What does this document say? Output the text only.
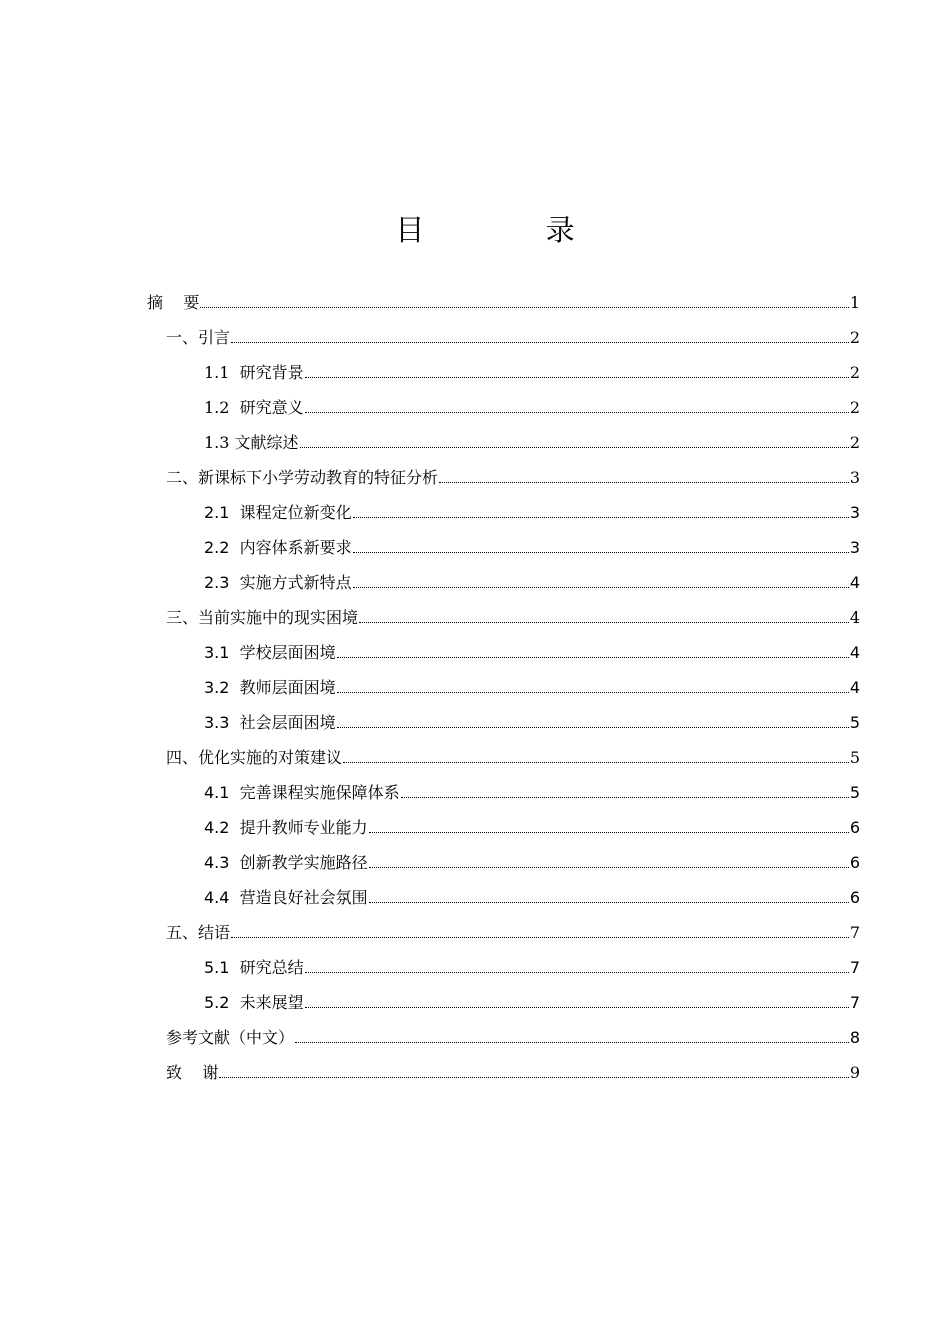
目 录
摘    要	1
一、引言	2
1.1  研究背景	2
1.2  研究意义	2
1.3 文献综述	2
二、新课标下小学劳动教育的特征分析	3
2.1  课程定位新变化	3
2.2  内容体系新要求	3
2.3  实施方式新特点	4
三、当前实施中的现实困境	4
3.1  学校层面困境	4
3.2  教师层面困境	4
3.3  社会层面困境	5
四、优化实施的对策建议	5
4.1  完善课程实施保障体系	5
4.2  提升教师专业能力	6
4.3  创新教学实施路径	6
4.4  营造良好社会氛围	6
五、结语	7
5.1  研究总结	7
5.2  未来展望	7
参考文献（中文）	8
致    谢	9
